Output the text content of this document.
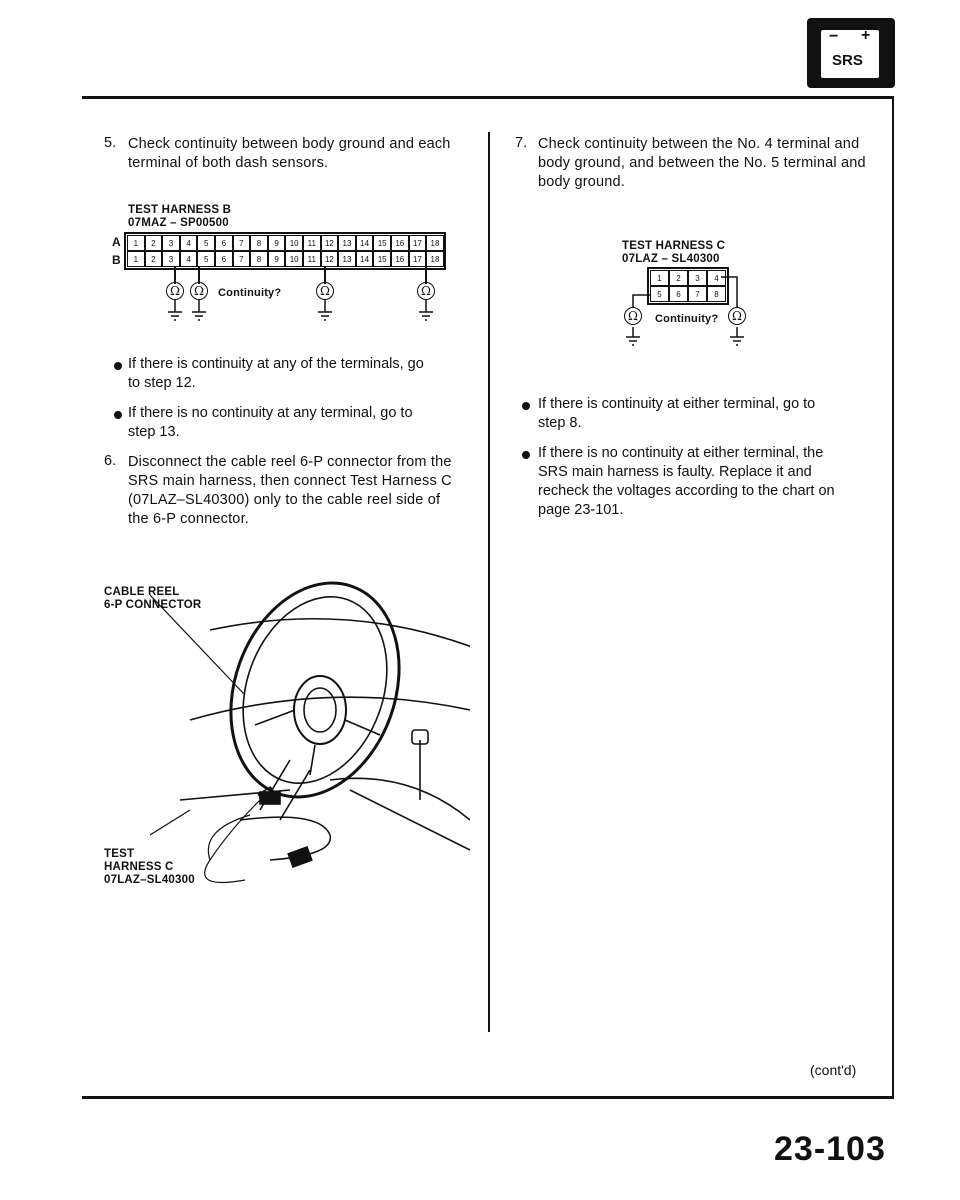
− +
SRS
5. Check continuity between body ground and each
terminal of both dash sensors.
TEST HARNESS B
07MAZ – SP00500
A
B
1	2	3	4	5	6	7	8	9	10	11	12	13	14	15	16	17	18
1	2	3	4	5	6	7	8	9	10	11	12	13	14	15	16	17	18
Ω	Ω	Continuity?	Ω	Ω
If there is continuity at any of the terminals, go
to step 12.
If there is no continuity at any terminal, go to
step 13.
6. Disconnect the cable reel 6-P connector from the
SRS main harness, then connect Test Harness C
(07LAZ–SL40300) only to the cable reel side of
the 6-P connector.
CABLE REEL
6-P CONNECTOR
TEST
HARNESS C
07LAZ–SL40300
7. Check continuity between the No. 4 terminal and
body ground, and between the No. 5 terminal and
body ground.
TEST HARNESS C
07LAZ – SL40300
1	2	3	4
5	6	7	8
Ω	Continuity?	Ω
If there is continuity at either terminal, go to
step 8.
If there is no continuity at either terminal, the
SRS main harness is faulty. Replace it and
recheck the voltages according to the chart on
page 23-101.
(cont'd)
23-103
